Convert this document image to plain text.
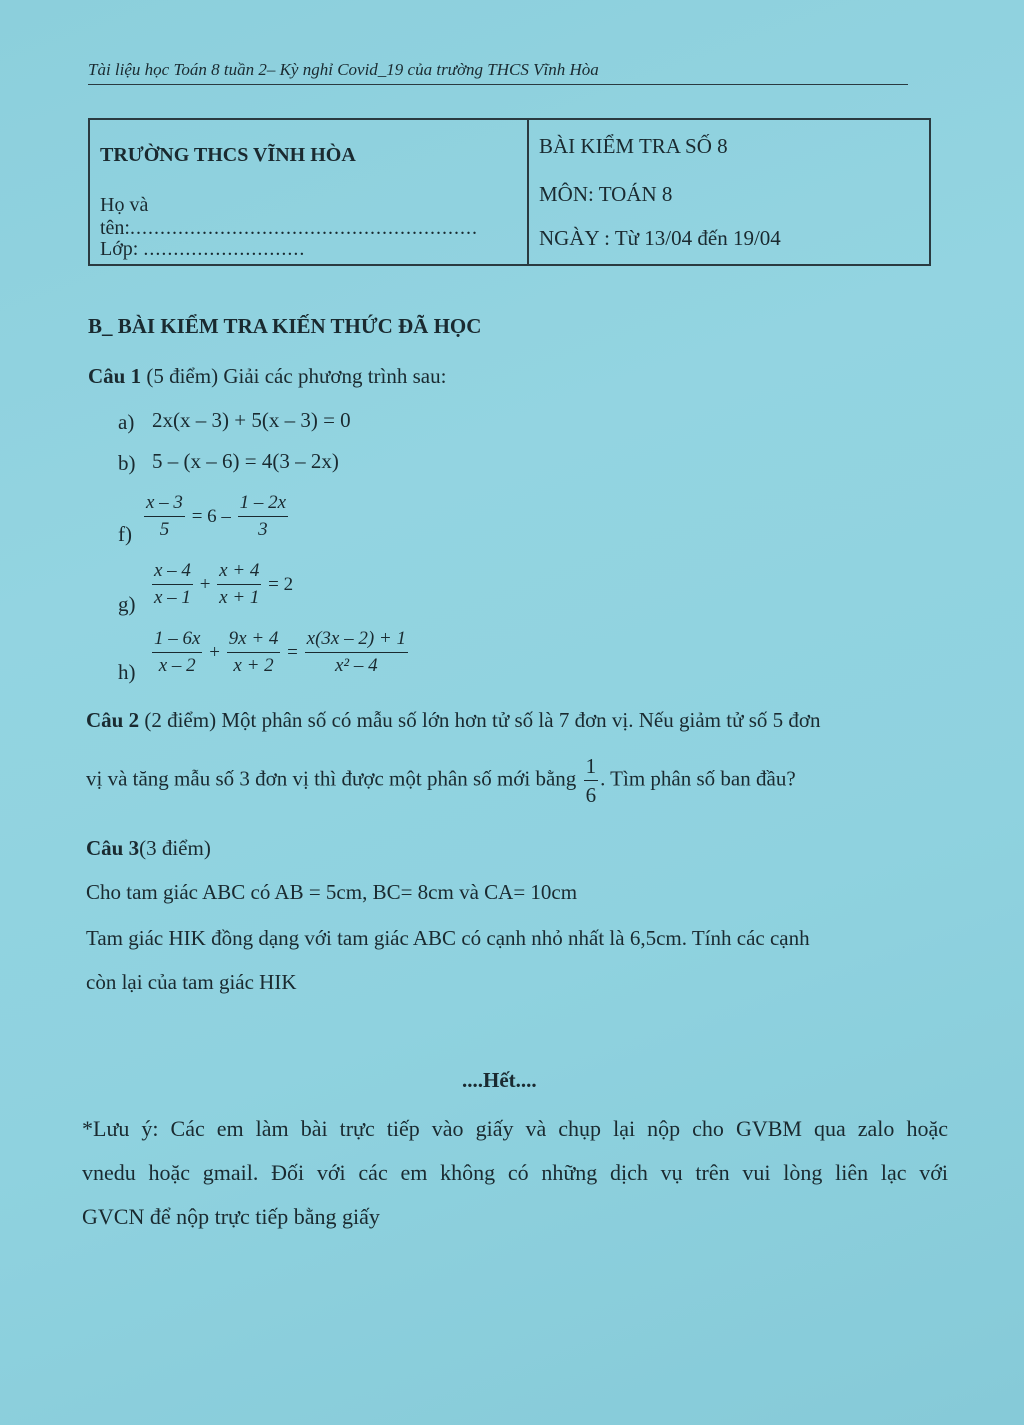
Tài liệu học Toán 8 tuần 2– Kỳ nghỉ Covid_19 của trường THCS Vĩnh Hòa
TRƯỜNG THCS VĨNH HÒA
Họ và tên:..........................................................
Lớp: ...........................
BÀI KIỂM TRA SỐ 8
MÔN: TOÁN 8
NGÀY : Từ 13/04 đến 19/04
B_ BÀI KIỂM TRA KIẾN THỨC ĐÃ HỌC
Câu 1 (5 điểm) Giải các phương trình sau:
a) 2x(x – 3) + 5(x – 3) = 0
b) 5 – (x – 6) = 4(3 – 2x)
$f) \frac{x - 3}{5} = 6 - \frac{1 - 2x}{3}$
$g) \frac{x - 4}{x - 1} + \frac{x + 4}{x + 1} = 2$
$h) \frac{1 - 6x}{x - 2} + \frac{9x + 4}{x + 2} = \frac{x(3x - 2) + 1}{\text{x² – 4}}$
Câu 2 (2 điểm) Một phân số có mẫu số lớn hơn tử số là 7 đơn vị. Nếu giảm tử số 5 đơn
vị và tăng mẫu số 3 đơn vị thì được một phân số mới bằng $\frac{1}{6}$ . Tìm phân số ban đầu?
Câu 3(3 điểm)
Cho tam giác ABC có AB = 5cm, BC= 8cm và CA= 10cm
Tam giác HIK đồng dạng với tam giác ABC có cạnh nhỏ nhất là 6,5cm. Tính các cạnh
còn lại của tam giác HIK
....Hết....
*Lưu ý: Các em làm bài trực tiếp vào giấy và chụp lại nộp cho GVBM qua zalo hoặc
vnedu hoặc gmail. Đối với các em không có những dịch vụ trên vui lòng liên lạc với
GVCN để nộp trực tiếp bằng giấy
